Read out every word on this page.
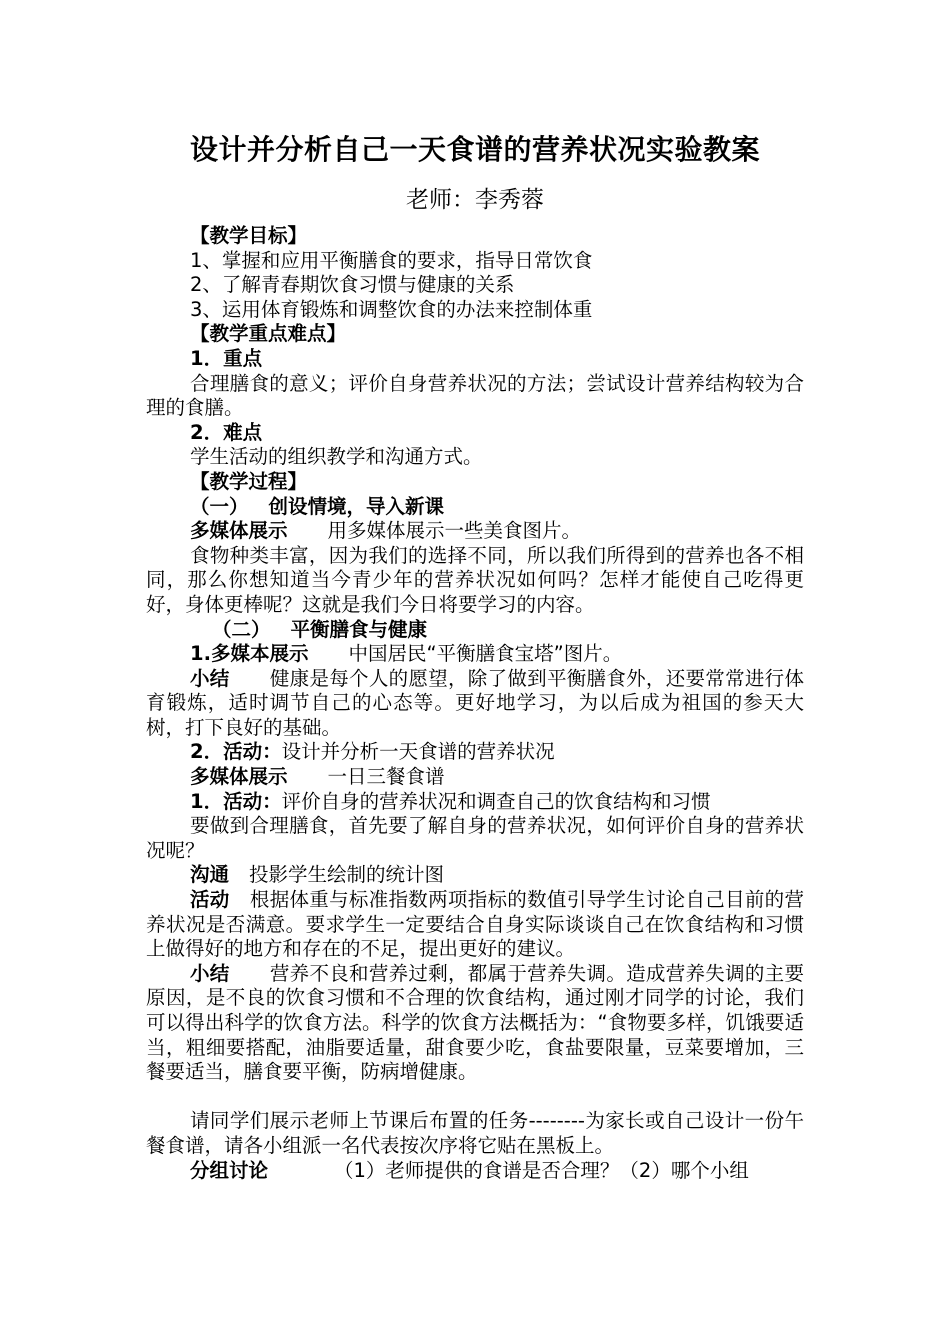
设计并分析自己一天食谱的营养状况实验教案
老师：李秀蓉

【教学目标】

1、掌握和应用平衡膳食的要求，指导日常饮食

2、了解青春期饮食习惯与健康的关系

3、运用体育锻炼和调整饮食的办法来控制体重

【教学重点难点】

1．重点

合理膳食的意义；评价自身营养状况的方法；尝试设计营养结构较为合理的食膳。

2．难点

学生活动的组织教学和沟通方式。

【教学过程】

（一） 创设情境，导入新课

多媒体展示 用多媒体展示一些美食图片。

食物种类丰富，因为我们的选择不同，所以我们所得到的营养也各不相同，那么你想知道当今青少年的营养状况如何吗？怎样才能使自己吃得更好，身体更棒呢？这就是我们今日将要学习的内容。

（二） 平衡膳食与健康

1.多媒本展示 中国居民“平衡膳食宝塔”图片。

小结 健康是每个人的愿望，除了做到平衡膳食外，还要常常进行体育锻炼，适时调节自己的心态等。更好地学习，为以后成为祖国的参天大树，打下良好的基础。

2．活动：设计并分析一天食谱的营养状况

多媒体展示 一日三餐食谱

1．活动：评价自身的营养状况和调查自己的饮食结构和习惯

要做到合理膳食，首先要了解自身的营养状况，如何评价自身的营养状况呢？

沟通 投影学生绘制的统计图

活动 根据体重与标准指数两项指标的数值引导学生讨论自己目前的营养状况是否满意。要求学生一定要结合自身实际谈谈自己在饮食结构和习惯上做得好的地方和存在的不足，提出更好的建议。

小结 营养不良和营养过剩，都属于营养失调。造成营养失调的主要原因，是不良的饮食习惯和不合理的饮食结构，通过刚才同学的讨论，我们可以得出科学的饮食方法。科学的饮食方法概括为：“食物要多样，饥饿要适当，粗细要搭配，油脂要适量，甜食要少吃，食盐要限量，豆菜要增加，三餐要适当，膳食要平衡，防病增健康。

请同学们展示老师上节课后布置的任务--------为家长或自己设计一份午餐食谱，请各小组派一名代表按次序将它贴在黑板上。

分组讨论	（1）老师提供的食谱是否合理？（2）哪个小组
